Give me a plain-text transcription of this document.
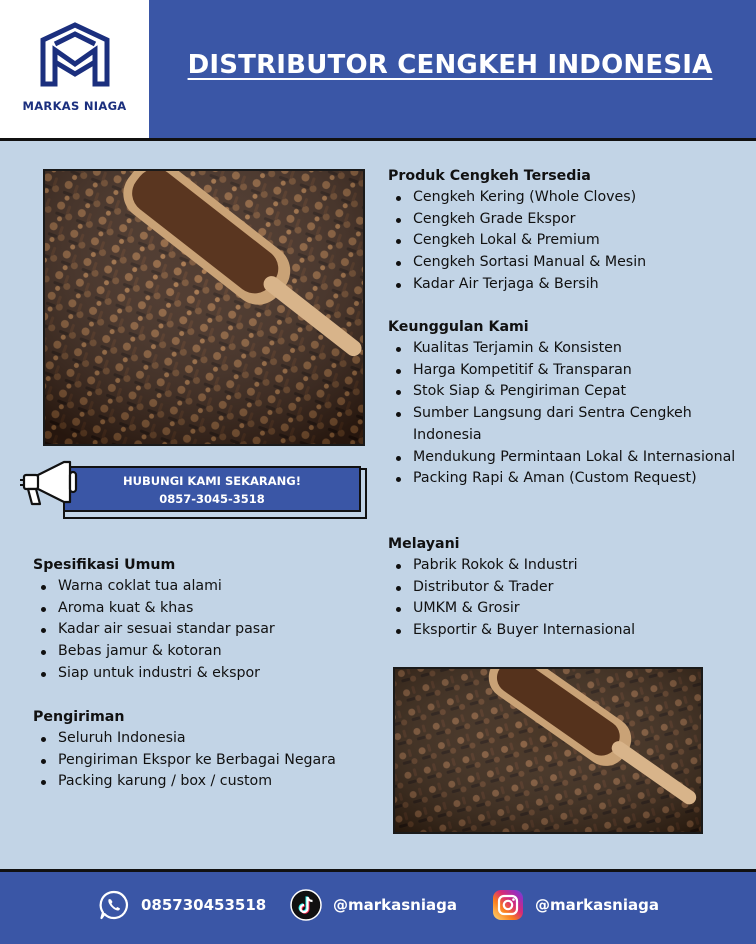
MARKAS NIAGA
DISTRIBUTOR CENGKEH INDONESIA
HUBUNGI KAMI SEKARANG!
0857-3045-3518
Produk Cengkeh Tersedia
Cengkeh Kering (Whole Cloves)
Cengkeh Grade Ekspor
Cengkeh Lokal & Premium
Cengkeh Sortasi Manual & Mesin
Kadar Air Terjaga & Bersih
Keunggulan Kami
Kualitas Terjamin & Konsisten
Harga Kompetitif & Transparan
Stok Siap & Pengiriman Cepat
Sumber Langsung dari Sentra Cengkeh Indonesia
Mendukung Permintaan Lokal & Internasional
Packing Rapi & Aman (Custom Request)
Melayani
Pabrik Rokok & Industri
Distributor & Trader
UMKM & Grosir
Eksportir & Buyer Internasional
Spesifikasi Umum
Warna coklat tua alami
Aroma kuat & khas
Kadar air sesuai standar pasar
Bebas jamur & kotoran
Siap untuk industri & ekspor
Pengiriman
Seluruh Indonesia
Pengiriman Ekspor ke Berbagai Negara
Packing karung / box / custom
085730453518	@markasniaga	@markasniaga
